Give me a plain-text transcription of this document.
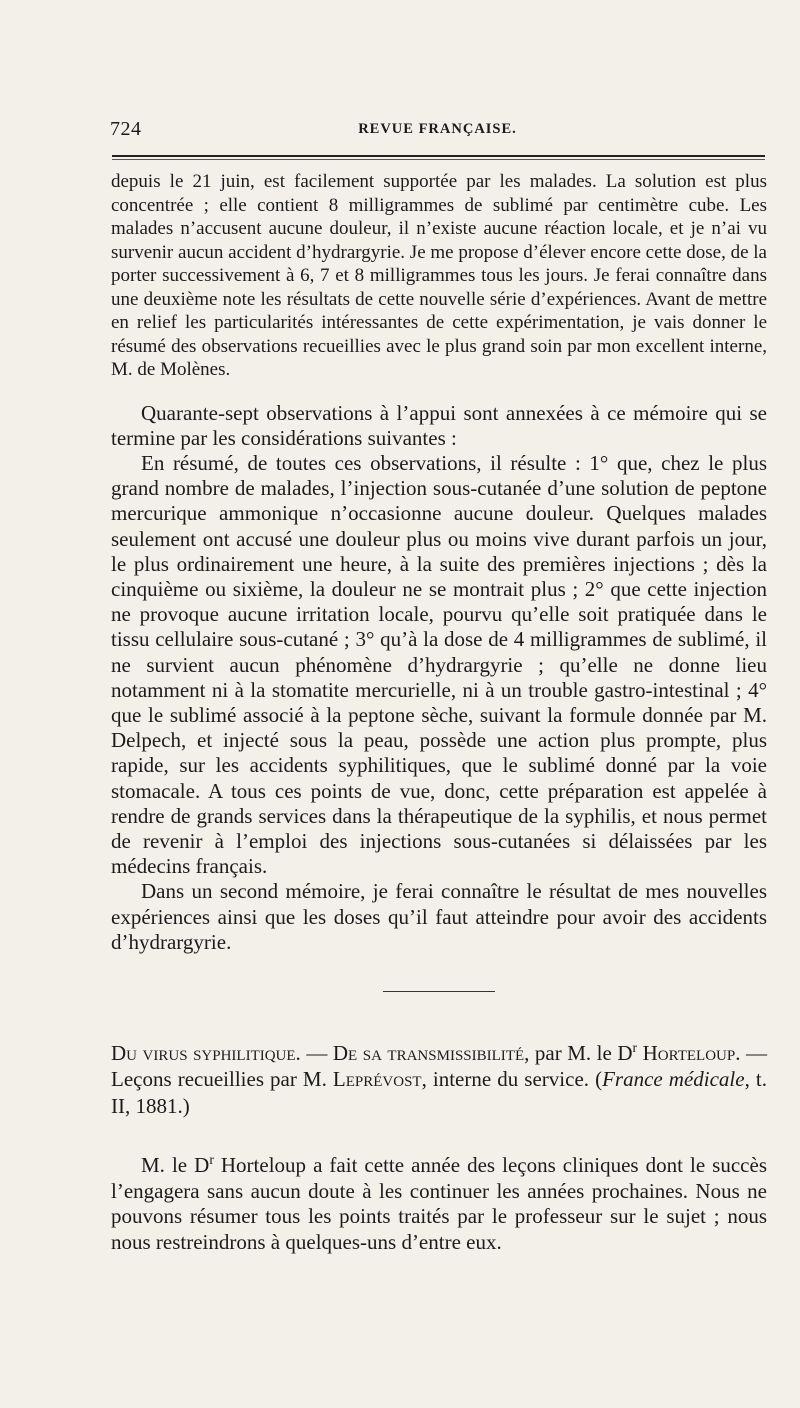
724	REVUE FRANÇAISE.

depuis le 21 juin, est facilement supportée par les malades. La solution est plus concentrée ; elle contient 8 milligrammes de sublimé par centimètre cube. Les malades n’accusent aucune douleur, il n’existe aucune réaction locale, et je n’ai vu survenir aucun accident d’hydrargyrie. Je me propose d’élever encore cette dose, de la porter successivement à 6, 7 et 8 milligrammes tous les jours. Je ferai connaître dans une deuxième note les résultats de cette nouvelle série d’expériences. Avant de mettre en relief les particularités intéressantes de cette expérimentation, je vais donner le résumé des observations recueillies avec le plus grand soin par mon excellent interne, M. de Molènes.

Quarante-sept observations à l’appui sont annexées à ce mémoire qui se termine par les considérations suivantes :

En résumé, de toutes ces observations, il résulte : 1° que, chez le plus grand nombre de malades, l’injection sous-cutanée d’une solution de peptone mercurique ammonique n’occasionne aucune douleur. Quelques malades seulement ont accusé une douleur plus ou moins vive durant parfois un jour, le plus ordinairement une heure, à la suite des premières injections ; dès la cinquième ou sixième, la douleur ne se montrait plus ; 2° que cette injection ne provoque aucune irritation locale, pourvu qu’elle soit pratiquée dans le tissu cellulaire sous-cutané ; 3° qu’à la dose de 4 milligrammes de sublimé, il ne survient aucun phénomène d’hydrargyrie ; qu’elle ne donne lieu notamment ni à la stomatite mercurielle, ni à un trouble gastro-intestinal ; 4° que le sublimé associé à la peptone sèche, suivant la formule donnée par M. Delpech, et injecté sous la peau, possède une action plus prompte, plus rapide, sur les accidents syphilitiques, que le sublimé donné par la voie stomacale. A tous ces points de vue, donc, cette préparation est appelée à rendre de grands services dans la thérapeutique de la syphilis, et nous permet de revenir à l’emploi des injections sous-cutanées si délaissées par les médecins français.

Dans un second mémoire, je ferai connaître le résultat de mes nouvelles expériences ainsi que les doses qu’il faut atteindre pour avoir des accidents d’hydrargyrie.

Du virus syphilitique. — De sa transmissibilité, par M. le $D^r$ Horteloup. — Leçons recueillies par M. Leprévost, interne du service. (France médicale, t. II, 1881.)

M. le $D^r$ Horteloup a fait cette année des leçons cliniques dont le succès l’engagera sans aucun doute à les continuer les années prochaines. Nous ne pouvons résumer tous les points traités par le professeur sur le sujet ; nous nous restreindrons à quelques-uns d’entre eux.
